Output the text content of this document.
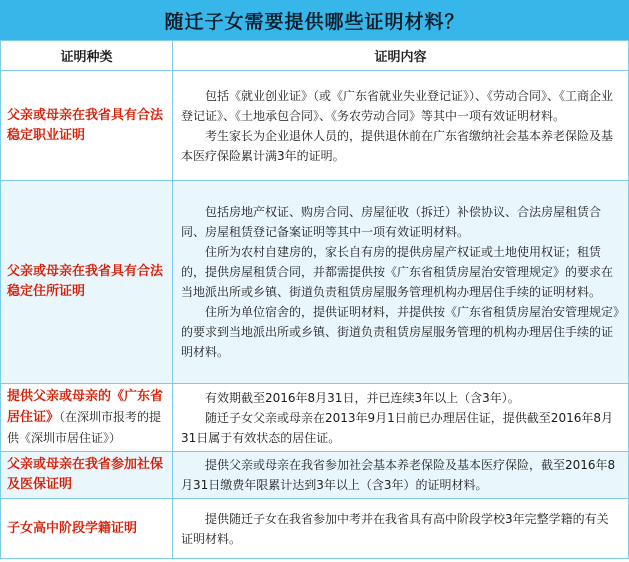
随迁子女需要提供哪些证明材料？
证明种类	证明内容

父亲或母亲在我省具有合法稳定职业证明	包括《就业创业证》（或《广东省就业失业登记证》）、《劳动合同》、《工商企业登记证》、《土地承包合同》、《务农劳动合同》等其中一项有效证明材料。

考生家长为企业退休人员的，提供退休前在广东省缴纳社会基本养老保险及基本医疗保险累计满3年的证明。

父亲或母亲在我省具有合法稳定住所证明	包括房地产权证、购房合同、房屋征收（拆迁）补偿协议、合法房屋租赁合同、房屋租赁登记备案证明等其中一项有效证明材料。

住所为农村自建房的，家长自有房的提供房屋产权证或土地使用权证；租赁的，提供房屋租赁合同，并都需提供按《广东省租赁房屋治安管理规定》的要求在当地派出所或乡镇、街道负责租赁房屋服务管理机构办理居住手续的证明材料。

住所为单位宿舍的，提供证明材料，并提供按《广东省租赁房屋治安管理规定》的要求到当地派出所或乡镇、街道负责租赁房屋服务管理的机构办理居住手续的证明材料。

提供父亲或母亲的《广东省居住证》（在深圳市报考的提供《深圳市居住证》）	有效期截至2016年8月31日，并已连续3年以上（含3年）。

随迁子女父亲或母亲在2013年9月1日前已办理居住证，提供截至2016年8月31日属于有效状态的居住证。

父亲或母亲在我省参加社保及医保证明	提供父亲或母亲在我省参加社会基本养老保险及基本医疗保险，截至2016年8月31日缴费年限累计达到3年以上（含3年）的证明材料。

子女高中阶段学籍证明	提供随迁子女在我省参加中考并在我省具有高中阶段学校3年完整学籍的有关证明材料。
